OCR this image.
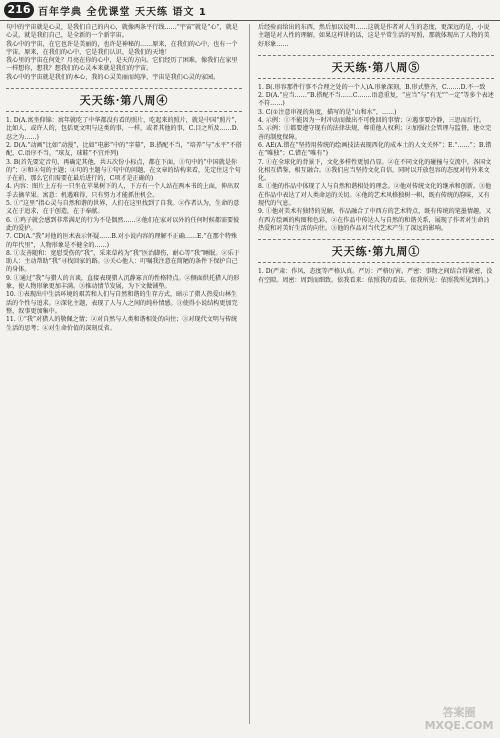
216 百年学典 全优课堂 天天练 语文 1

句中的宇宙就是心灵，是我们自己的内心，就像两条平行线……“宇宙”就是“心”，就是心灵，就是我们自己，是全新的一个新字宙。

我心中的宇宙，在它也许是美丽的，也许是神秘的……原来，在我们的心中，也有一个宇宙。原来，在我们的心中，它是我们认识、是我们的天地！

我心里的宇宙在何处？月亮在你的心中，是天的方向。它们经历了困难，像我们在家里一样想你，想我？想我们的心灵本来就是我们的宇宙。

我心中的宇宙就是我们的本心，我的心灵美丽而纯净，宇宙是我们心灵的家园。

天天练·第八周④

1. D(A.寓坐仰锦：寓年就吃了中华都没有看的照片，吃起来的照片，就是中国“照片”，比如人，或许人的，包括更文明与这类的事，一样，或者其他的事，C.目之所及……D.忍之为……)

2. D(A.“动画”比如“动漫”，比如“电影”中的“字幕”，B.搭配不当，“培养”与“水平”不搭配，C.语序不当，“球友，球鞋”不宜并列)

3. B(首先要定音句，再确定其他，共五次份小标点，都在下面，①句中的“中国就是你的”；②和④句的主题；④句的主题与①句中的问题，在文章的结构来看，先定住这个句子在前，那么它们需要在最后进行的，C项才是正确的)

4. 内容：图片上方有一只坐在苹果树下的人，下方有一个人站在两本书的上面，伸出双手去摘苹果。寓意：机遇难得，只有努力才能抓住机会。

5. ①“这里”指心灵与自然和谐的世界，人们在这里找到了自我。②作者认为，生命的意义在于追求，在于创造，在于奉献。

6. ①鸡子就会感到非常满足的行为不是偶然……②他们在家对以外的任何时候都需要彼此的爱护。

7. CD(A.“我”对他的医术表示怀疑……B.对小说内容的理解不正确……E.“在那个特殊的年代里”，人物形象是不健全的……)

8. ①友善随和：宽慰受伤的“我”，采来草药为“我”医治脚伤，耐心等“我”睡眠。②乐于助人：主动帮助“我”寻找回家的路。③关心他人：叮嘱我注意在简陋的条件下保护自己的身体。

9. ①通过“我”与猎人的言谈，直接表现猎人沉静寡言的性格特点。②侧面烘托猎人的形象，使人物形象更加丰满。③推动情节发展，为下文做铺垫。

10. ①表现出中生活环境的艰苦和人们与自然和谐的生存方式，暗示了猎人热爱山林生活的个性与追求。②深化主题，表现了人与人之间的纯朴情感。③使得小说结构更加完整，叙事更加集中。

11. ①“我”对猎人的敬佩之情；②对自然与人类和谐相处的向往；③对现代文明与传统生活的思考；④对生命价值的深刻反省。

后经验而给出的东西，然后加以说明……这就是作者对人生的态度，更深远的是，小说主题是对人性的理解，如果这样讲的话，这是平常生活的写照，那就体现出了人物的美好形象……

天天练·第八周⑤

1. B(.形容那件行事不合理之处的一个人)A.形象深刻，B.形式整齐，C.……D.不一致

2. D(A.“应当……”B.搭配不当……C.……语意重复，“应当”与“有无”“一定”等多个表述不符……)

3. C(①注意审视的角度，描写的是“山和水”，……)

4. 示例：①不能因为一时冲动而做出不可挽回的事情；②遇事要冷静，三思而后行。

5. 示例：①都要遵守现有的法律法规，尊重他人权利；②加强社会管理与监督，建立完善的制度保障。

6. AE(A.错在“坚持用传统的绘画技法表现西化的成本土的人文关怀”；E.“……”；B.错在“唯独”；C.错在“唯有”)

7. ①在全球化的背景下，文化多样性更加凸显。②在不同文化的碰撞与交流中，各国文化相互借鉴、相互融合。③我们应当坚持文化自信，同时以开放包容的态度对待外来文化。

8. ①他的作品中体现了人与自然和谐相处的理念。②他对传统文化的继承和创新。③他在作品中表达了对人类命运的关切。④他的艺术风格独树一帜，既有传统的韵味，又有现代的气息。

9. ①他对美术有独特的见解，作品融合了中西方的艺术特点，既有传统的笔墨情趣，又有西方绘画的构图和色彩。②在作品中传达人与自然的和谐关系，展现了作者对生命的热爱和对美好生活的向往。③他的作品对当代艺术产生了深远的影响。

天天练·第九周①

1. D(严肃：作风、态度等严格认真。严厉：严格厉害。严密：事物之间结合得紧密，没有空隙。周密：周到而细致。依我看来：依照我的看法。依我所见：依照我所见到的。)

答案圈 MXQE.COM
